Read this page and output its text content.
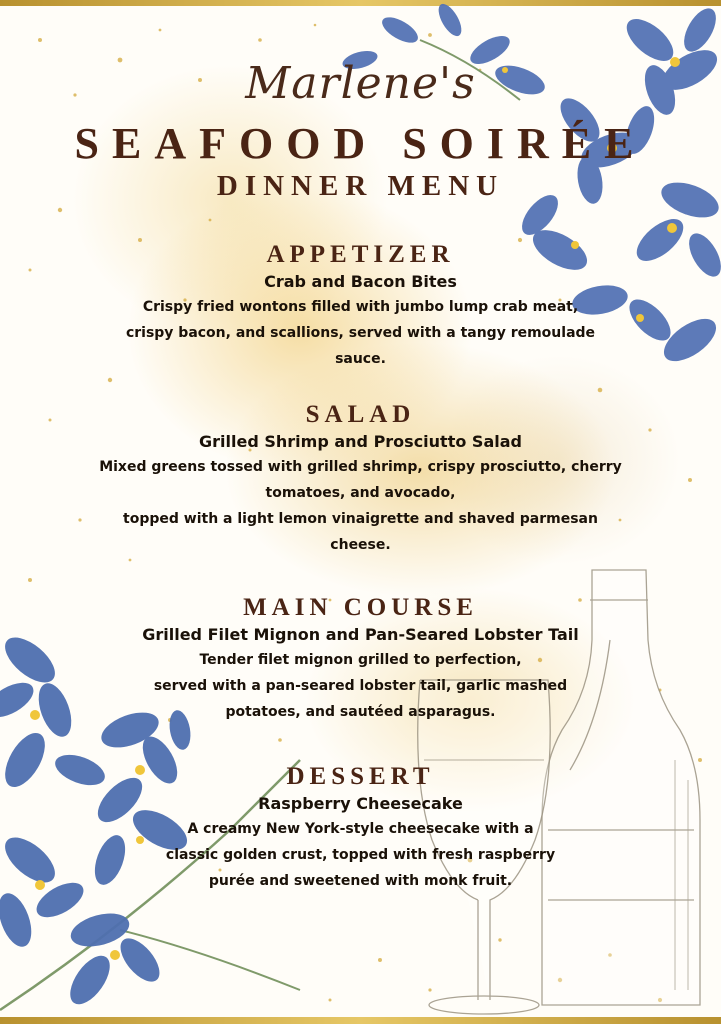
Marlene's
SEAFOOD SOIRÉE
DINNER MENU
APPETIZER
Crab and Bacon Bites
Crispy fried wontons filled with jumbo lump crab meat,
crispy bacon, and scallions, served with a tangy remoulade
sauce.
SALAD
Grilled Shrimp and Prosciutto Salad
Mixed greens tossed with grilled shrimp, crispy prosciutto, cherry
tomatoes, and avocado,
topped with a light lemon vinaigrette and shaved parmesan
cheese.
MAIN COURSE
Grilled Filet Mignon and Pan-Seared Lobster Tail
Tender filet mignon grilled to perfection,
served with a pan-seared lobster tail, garlic mashed
potatoes, and sautéed asparagus.
DESSERT
Raspberry Cheesecake
A creamy New York-style cheesecake with a
classic golden crust, topped with fresh raspberry
purée and sweetened with monk fruit.
